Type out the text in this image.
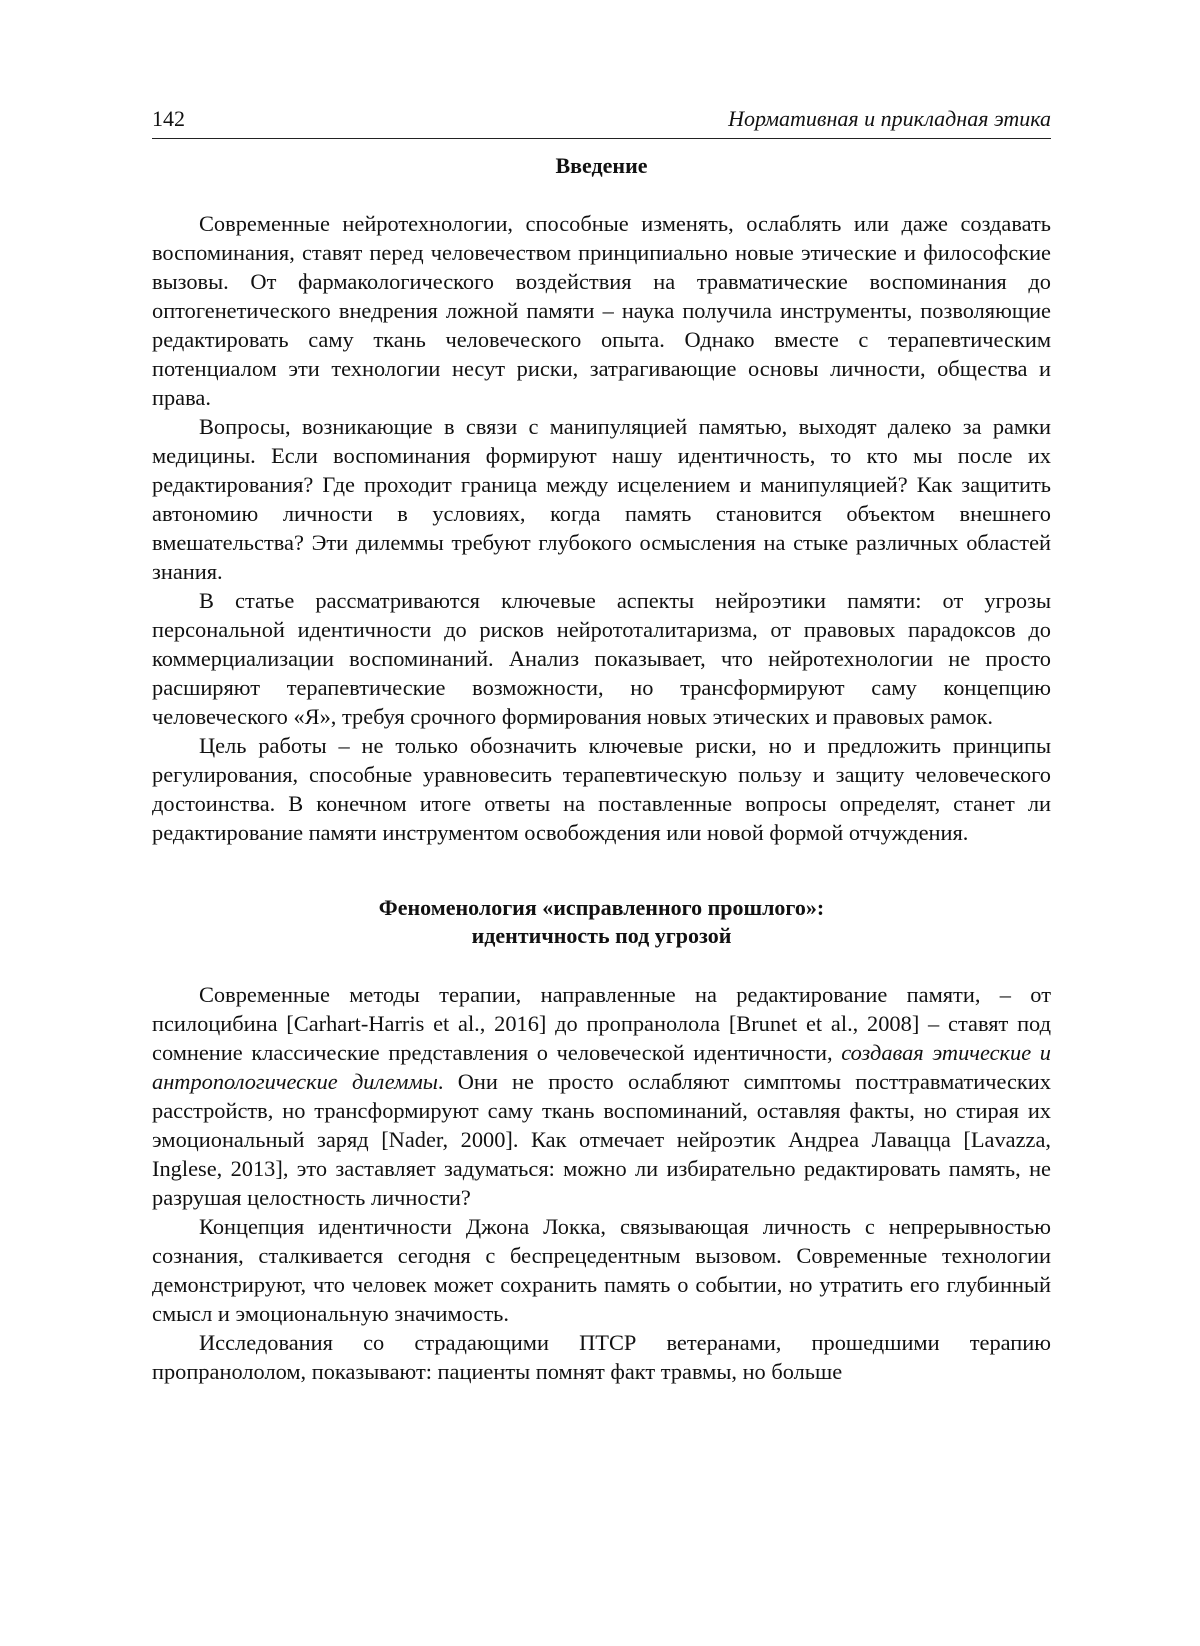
142	Нормативная и прикладная этика
Введение

Современные нейротехнологии, способные изменять, ослаблять или даже создавать воспоминания, ставят перед человечеством принципиально новые этические и философские вызовы. От фармакологического воздействия на травматические воспоминания до оптогенетического внедрения ложной памяти – наука получила инструменты, позволяющие редактировать саму ткань человеческого опыта. Однако вместе с терапевтическим потенциалом эти технологии несут риски, затрагивающие основы личности, общества и права.

Вопросы, возникающие в связи с манипуляцией памятью, выходят далеко за рамки медицины. Если воспоминания формируют нашу идентичность, то кто мы после их редактирования? Где проходит граница между исцелением и манипуляцией? Как защитить автономию личности в условиях, когда память становится объектом внешнего вмешательства? Эти дилеммы требуют глубокого осмысления на стыке различных областей знания.

В статье рассматриваются ключевые аспекты нейроэтики памяти: от угрозы персональной идентичности до рисков нейрототалитаризма, от правовых парадоксов до коммерциализации воспоминаний. Анализ показывает, что нейротехнологии не просто расширяют терапевтические возможности, но трансформируют саму концепцию человеческого «Я», требуя срочного формирования новых этических и правовых рамок.

Цель работы – не только обозначить ключевые риски, но и предложить принципы регулирования, способные уравновесить терапевтическую пользу и защиту человеческого достоинства. В конечном итоге ответы на поставленные вопросы определят, станет ли редактирование памяти инструментом освобождения или новой формой отчуждения.

Феноменология «исправленного прошлого»:
идентичность под угрозой

Современные методы терапии, направленные на редактирование памяти, – от псилоцибина [Carhart-Harris et al., 2016] до пропранолола [Brunet et al., 2008] – ставят под сомнение классические представления о человеческой идентичности, создавая этические и антропологические дилеммы. Они не просто ослабляют симптомы посттравматических расстройств, но трансформируют саму ткань воспоминаний, оставляя факты, но стирая их эмоциональный заряд [Nader, 2000]. Как отмечает нейроэтик Андреа Лавацца [Lavazza, Inglese, 2013], это заставляет задуматься: можно ли избирательно редактировать память, не разрушая целостность личности?

Концепция идентичности Джона Локка, связывающая личность с непрерывностью сознания, сталкивается сегодня с беспрецедентным вызовом. Современные технологии демонстрируют, что человек может сохранить память о событии, но утратить его глубинный смысл и эмоциональную значимость.

Исследования со страдающими ПТСР ветеранами, прошедшими терапию пропранололом, показывают: пациенты помнят факт травмы, но больше
